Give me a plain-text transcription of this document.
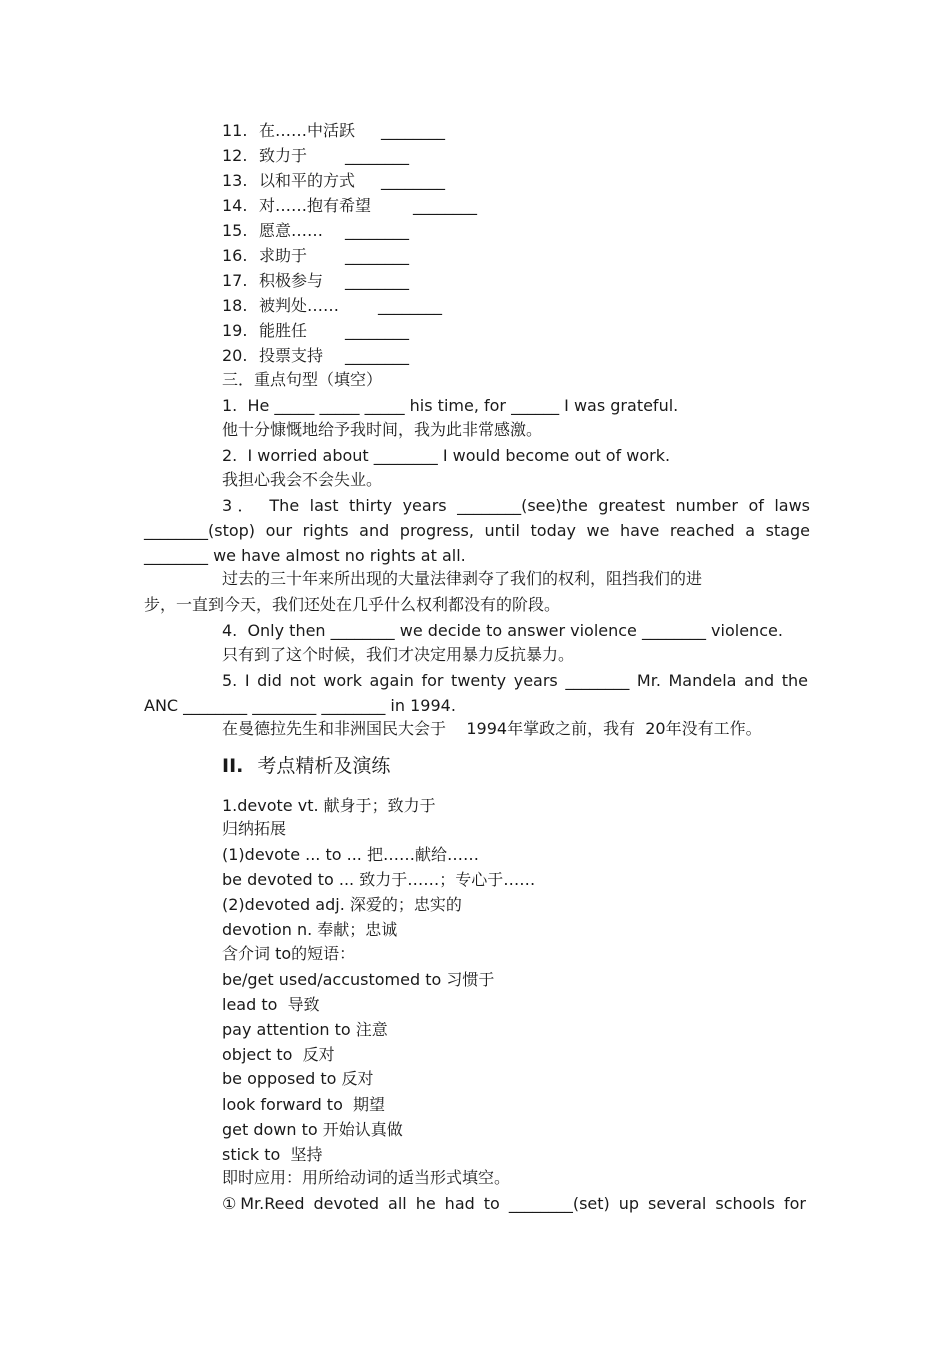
11. 在……中活跃 ________
12. 致力于 ________
13. 以和平的方式 ________
14. 对……抱有希望	________
15. 愿意…… ________
16. 求助于 ________
17. 积极参与 ________
18. 被判处…… ________
19. 能胜任 ________
20. 投票支持 ________
三．重点句型（填空）
1.  He _____ _____ _____ his time, for ______ I was grateful.
他十分慷慨地给予我时间，我为此非常感激。
2.  I worried about ________ I would become out of work.
我担心我会不会失业。
3． The last thirty years ________(see)the greatest number of laws
________(stop) our rights and progress, until today we have reached a stage
________ we have almost no rights at all.
过去的三十年来所出现的大量法律剥夺了我们的权利，阻挡我们的进
步，一直到今天，我们还处在几乎什么权利都没有的阶段。
4.  Only then ________ we decide to answer violence ________ violence.
只有到了这个时候，我们才决定用暴力反抗暴力。
5. I did not work again for twenty years ________ Mr. Mandela and the
ANC ________ ________ ________ in 1994.
在曼德拉先生和非洲国民大会于    1994年掌政之前，我有  20年没有工作。
II. 考点精析及演练
1.devote vt. 献身于；致力于
归纳拓展
(1)devote ... to ... 把……献给……
be devoted to ... 致力于……；专心于……
(2)devoted adj. 深爱的；忠实的
devotion n. 奉献；忠诚
含介词 to的短语：
be/get used/accustomed to 习惯于
lead to  导致
pay attention to 注意
object to  反对
be opposed to 反对
look forward to  期望
get down to 开始认真做
stick to  坚持
即时应用：用所给动词的适当形式填空。
①Mr.Reed devoted all he had to ________(set) up several schools for
